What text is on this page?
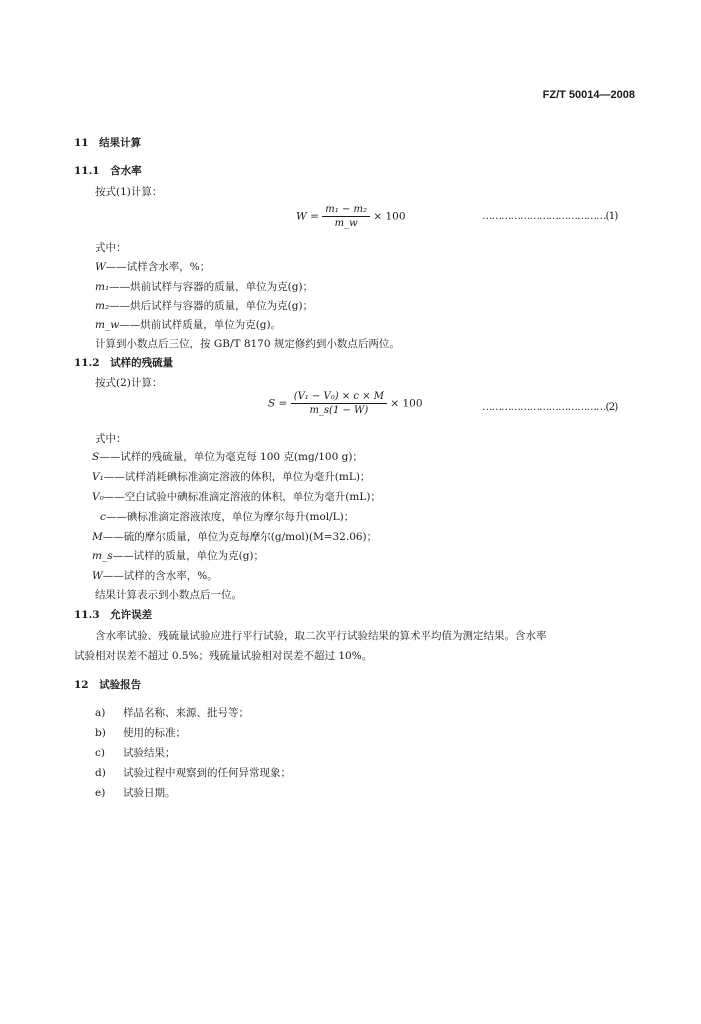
FZ/T 50014—2008
11　结果计算
11.1　含水率
按式(1)计算：
$W = \frac{\text{m₁ − m₂}}{m\_w} \times 100$	…………………………………(1)
式中：
W——试样含水率，%；
m₁——烘前试样与容器的质量，单位为克(g)；
m₂——烘后试样与容器的质量，单位为克(g)；
m_w——烘前试样质量，单位为克(g)。
计算到小数点后三位，按 GB/T 8170 规定修约到小数点后两位。
11.2　试样的残硫量
按式(2)计算：
$S = \frac{\text{(V₁ − V₀) × c × M}}{m\_s(1 - W)} \times 100$	…………………………………(2)
式中：
S——试样的残硫量，单位为毫克每 100 克(mg/100 g)；
V₁——试样消耗碘标准滴定溶液的体积，单位为毫升(mL)；
V₀——空白试验中碘标准滴定溶液的体积，单位为毫升(mL)；
c——碘标准滴定溶液浓度，单位为摩尔每升(mol/L)；
M——硫的摩尔质量，单位为克每摩尔(g/mol)(M=32.06)；
m_s——试样的质量，单位为克(g)；
W——试样的含水率，%。
结果计算表示到小数点后一位。
11.3　允许误差
含水率试验、残硫量试验应进行平行试验，取二次平行试验结果的算术平均值为测定结果。含水率
试验相对误差不超过 0.5%；残硫量试验相对误差不超过 10%。
12　试验报告
a) 样品名称、来源、批号等；
b) 使用的标准；
c) 试验结果；
d) 试验过程中观察到的任何异常现象；
e) 试验日期。
